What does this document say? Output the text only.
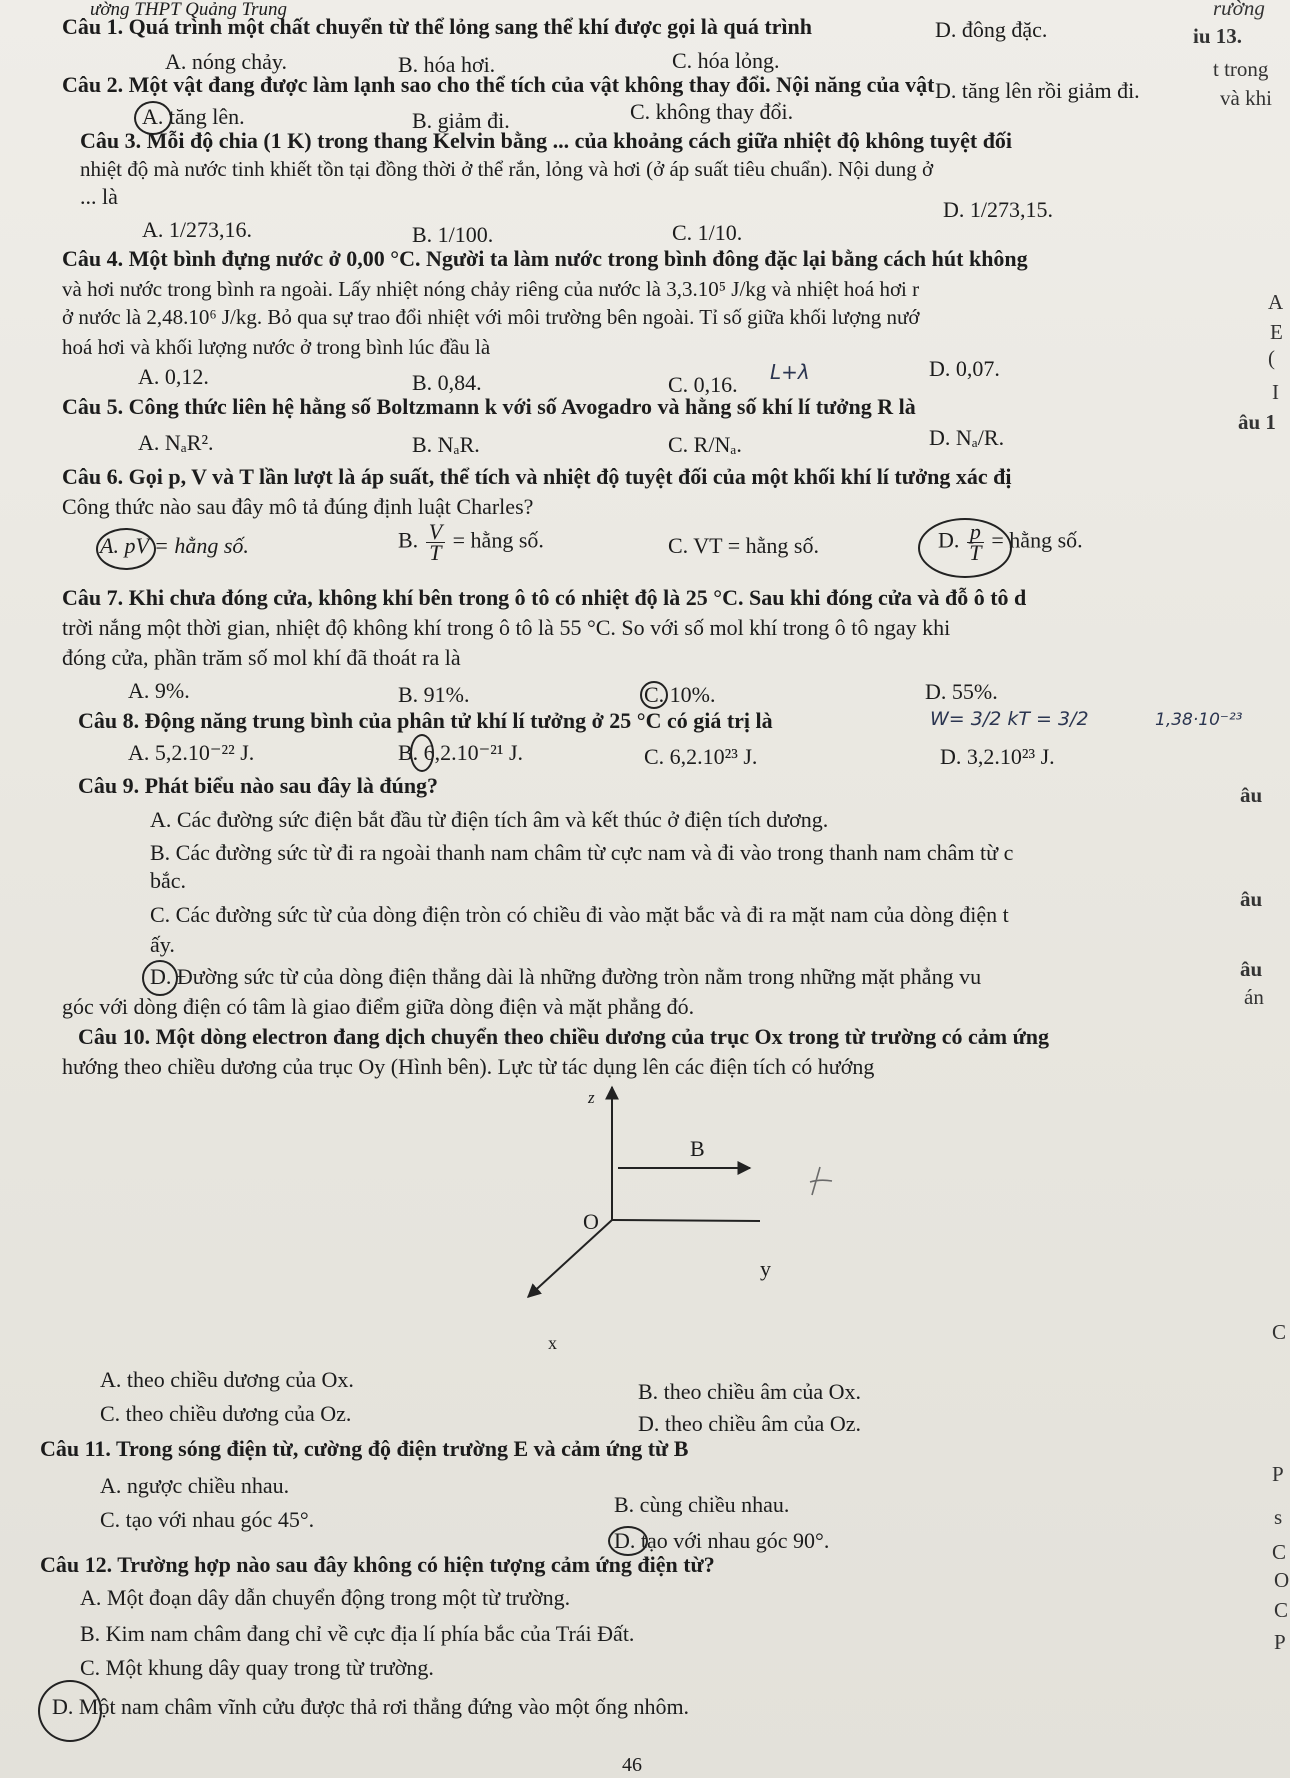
ường THPT Quảng Trung	rường
iu 13.
Câu 1. Quá trình một chất chuyển từ thể lỏng sang thể khí được gọi là quá trình
A. nóng chảy.	B. hóa hơi.	C. hóa lỏng.
D. đông đặc.
Câu 2. Một vật đang được làm lạnh sao cho thể tích của vật không thay đổi. Nội năng của vật
t trong
và khi
A. tăng lên.	B. giảm đi.	C. không thay đổi.
D. tăng lên rồi giảm đi.
Câu 3. Mỗi độ chia (1 K) trong thang Kelvin bằng ... của khoảng cách giữa nhiệt độ không tuyệt đối
nhiệt độ mà nước tinh khiết tồn tại đồng thời ở thể rắn, lỏng và hơi (ở áp suất tiêu chuẩn). Nội dung ở
... là
A. 1/273,16.	B. 1/100.	C. 1/10.
D. 1/273,15.
Câu 4. Một bình đựng nước ở 0,00 °C. Người ta làm nước trong bình đông đặc lại bằng cách hút không
và hơi nước trong bình ra ngoài. Lấy nhiệt nóng chảy riêng của nước là 3,3.10⁵ J/kg và nhiệt hoá hơi r
ở nước là 2,48.10⁶ J/kg. Bỏ qua sự trao đổi nhiệt với môi trường bên ngoài. Tỉ số giữa khối lượng nướ
hoá hơi và khối lượng nước ở trong bình lúc đầu là
A
E
A. 0,12.	B. 0,84.	C. 0,16.
D. 0,07.
L+λ
(
Câu 5. Công thức liên hệ hằng số Boltzmann k với số Avogadro và hằng số khí lí tưởng R là
I
âu 1
A. NₐR².	B. NₐR.	C. R/Nₐ.	D. Nₐ/R.
Câu 6. Gọi p, V và T lần lượt là áp suất, thể tích và nhiệt độ tuyệt đối của một khối khí lí tưởng xác đị
Công thức nào sau đây mô tả đúng định luật Charles?
A. pV = hằng số.	B. $\frac{V}{T}$ = hằng số.	C. VT = hằng số.	D. $\frac{p}{T}$ = hằng số.
Câu 7. Khi chưa đóng cửa, không khí bên trong ô tô có nhiệt độ là 25 °C. Sau khi đóng cửa và đỗ ô tô d
trời nắng một thời gian, nhiệt độ không khí trong ô tô là 55 °C. So với số mol khí trong ô tô ngay khi
đóng cửa, phần trăm số mol khí đã thoát ra là
A. 9%.	B. 91%.	C. 10%.	D. 55%.
Câu 8. Động năng trung bình của phân tử khí lí tưởng ở 25 °C có giá trị là	W= 3/2 kT = 3/2	1,38·10⁻²³
A. 5,2.10⁻²² J.	B. 6,2.10⁻²¹ J.	C. 6,2.10²³ J.	D. 3,2.10²³ J.
Câu 9. Phát biểu nào sau đây là đúng?	âu
A. Các đường sức điện bắt đầu từ điện tích âm và kết thúc ở điện tích dương.
B. Các đường sức từ đi ra ngoài thanh nam châm từ cực nam và đi vào trong thanh nam châm từ c
bắc.
âu
C. Các đường sức từ của dòng điện tròn có chiều đi vào mặt bắc và đi ra mặt nam của dòng điện t
ấy.
D. Đường sức từ của dòng điện thẳng dài là những đường tròn nằm trong những mặt phẳng vu	âu
góc với dòng điện có tâm là giao điểm giữa dòng điện và mặt phẳng đó.	án
Câu 10. Một dòng electron đang dịch chuyển theo chiều dương của trục Ox trong từ trường có cảm ứng
hướng theo chiều dương của trục Oy (Hình bên). Lực từ tác dụng lên các điện tích có hướng
z
B
O
y
x	C
A. theo chiều dương của Ox.	B. theo chiều âm của Ox.
C. theo chiều dương của Oz.	D. theo chiều âm của Oz.
Câu 11. Trong sóng điện từ, cường độ điện trường E và cảm ứng từ B
P
A. ngược chiều nhau.
B. cùng chiều nhau.
C. tạo với nhau góc 45°.
D. tạo với nhau góc 90°.
s
C
Câu 12. Trường hợp nào sau đây không có hiện tượng cảm ứng điện từ?
O
A. Một đoạn dây dẫn chuyển động trong một từ trường.	C
B. Kim nam châm đang chỉ về cực địa lí phía bắc của Trái Đất.	P
C. Một khung dây quay trong từ trường.
D. Một nam châm vĩnh cửu được thả rơi thẳng đứng vào một ống nhôm.
46
